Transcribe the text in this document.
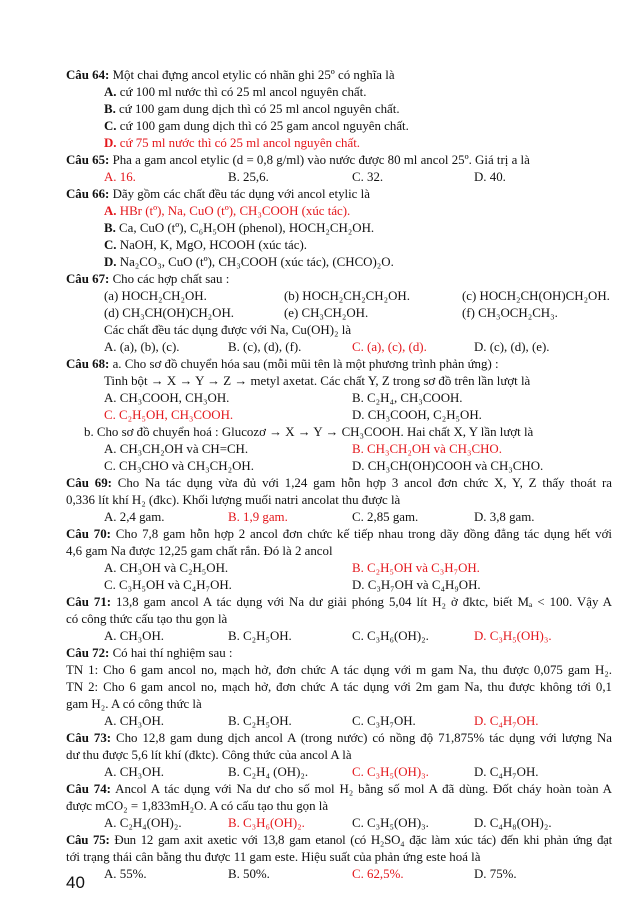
Câu 64: Một chai đựng ancol etylic có nhãn ghi 25º có nghĩa là
A. cứ 100 ml nước thì có 25 ml ancol nguyên chất.
B. cứ 100 gam dung dịch thì có 25 ml ancol nguyên chất.
C. cứ 100 gam dung dịch thì có 25 gam ancol nguyên chất.
D. cứ 75 ml nước thì có 25 ml ancol nguyên chất.
Câu 65: Pha a gam ancol etylic (d = 0,8 g/ml) vào nước được 80 ml ancol 25º. Giá trị a là
A. 16.	B. 25,6.	C. 32.	D. 40.
Câu 66: Dãy gồm các chất đều tác dụng với ancol etylic là
A. HBr (tº), Na, CuO (tº), CH₃COOH (xúc tác).
B. Ca, CuO (tº), C₆H₅OH (phenol), HOCH₂CH₂OH.
C. NaOH, K, MgO, HCOOH (xúc tác).
D. Na₂CO₃, CuO (tº), CH₃COOH (xúc tác), (CHCO)₂O.
Câu 67: Cho các hợp chất sau :
(a) HOCH₂CH₂OH.	(b) HOCH₂CH₂CH₂OH.	(c) HOCH₂CH(OH)CH₂OH.
(d) CH₃CH(OH)CH₂OH.	(e) CH₃CH₂OH.	(f) CH₃OCH₂CH₃.
Các chất đều tác dụng được với Na, Cu(OH)₂ là
A. (a), (b), (c).	B. (c), (d), (f).	C. (a), (c), (d).	D. (c), (d), (e).
Câu 68: a. Cho sơ đồ chuyển hóa sau (mỗi mũi tên là một phương trình phản ứng) :
Tinh bột → X → Y → Z → metyl axetat. Các chất Y, Z trong sơ đồ trên lần lượt là
A. CH₃COOH, CH₃OH.	B. C₂H₄, CH₃COOH.
C. C₂H₅OH, CH₃COOH.	D. CH₃COOH, C₂H₅OH.
b. Cho sơ đồ chuyển hoá : Glucozơ → X → Y → CH₃COOH. Hai chất X, Y lần lượt là
A. CH₃CH₂OH và CH=CH.	B. CH₃CH₂OH và CH₃CHO.
C. CH₃CHO và CH₃CH₂OH.	D. CH₃CH(OH)COOH và CH₃CHO.
Câu 69: Cho Na tác dụng vừa đủ với 1,24 gam hỗn hợp 3 ancol đơn chức X, Y, Z thấy thoát ra
0,336 lít khí H₂ (đkc). Khối lượng muối natri ancolat thu được là
A. 2,4 gam.	B. 1,9 gam.	C. 2,85 gam.	D. 3,8 gam.
Câu 70: Cho 7,8 gam hỗn hợp 2 ancol đơn chức kế tiếp nhau trong dãy đồng đẳng tác dụng hết với
4,6 gam Na được 12,25 gam chất rắn. Đó là 2 ancol
A. CH₃OH và C₂H₅OH.	B. C₂H₅OH và C₃H₇OH.
C. C₃H₅OH và C₄H₇OH.	D. C₃H₇OH và C₄H₉OH.
Câu 71: 13,8 gam ancol A tác dụng với Na dư giải phóng 5,04 lít H₂ ở đktc, biết Mₐ < 100. Vậy A
có công thức cấu tạo thu gọn là
A. CH₃OH.	B. C₂H₅OH.	C. C₃H₆(OH)₂.	D. C₃H₅(OH)₃.
Câu 72: Có hai thí nghiệm sau :
TN 1: Cho 6 gam ancol no, mạch hở, đơn chức A tác dụng với m gam Na, thu được 0,075 gam H₂.
TN 2: Cho 6 gam ancol no, mạch hở, đơn chức A tác dụng với 2m gam Na, thu được không tới 0,1
gam H₂. A có công thức là
A. CH₃OH.	B. C₂H₅OH.	C. C₃H₇OH.	D. C₄H₇OH.
Câu 73: Cho 12,8 gam dung dịch ancol A (trong nước) có nồng độ 71,875% tác dụng với lượng Na
dư thu được 5,6 lít khí (đktc). Công thức của ancol A là
A. CH₃OH.	B. C₂H₄ (OH)₂.	C. C₃H₅(OH)₃.	D. C₄H₇OH.
Câu 74: Ancol A tác dụng với Na dư cho số mol H₂ bằng số mol A đã dùng. Đốt cháy hoàn toàn A
được mCO₂ = 1,833mH₂O. A có cấu tạo thu gọn là
A. C₂H₄(OH)₂.	B. C₃H₆(OH)₂.	C. C₃H₅(OH)₃.	D. C₄H₈(OH)₂.
Câu 75: Đun 12 gam axit axetic với 13,8 gam etanol (có H₂SO₄ đặc làm xúc tác) đến khi phản ứng đạt
tới trạng thái cân bằng thu được 11 gam este. Hiệu suất của phản ứng este hoá là
A. 55%.	B. 50%.	C. 62,5%.	D. 75%.
40
